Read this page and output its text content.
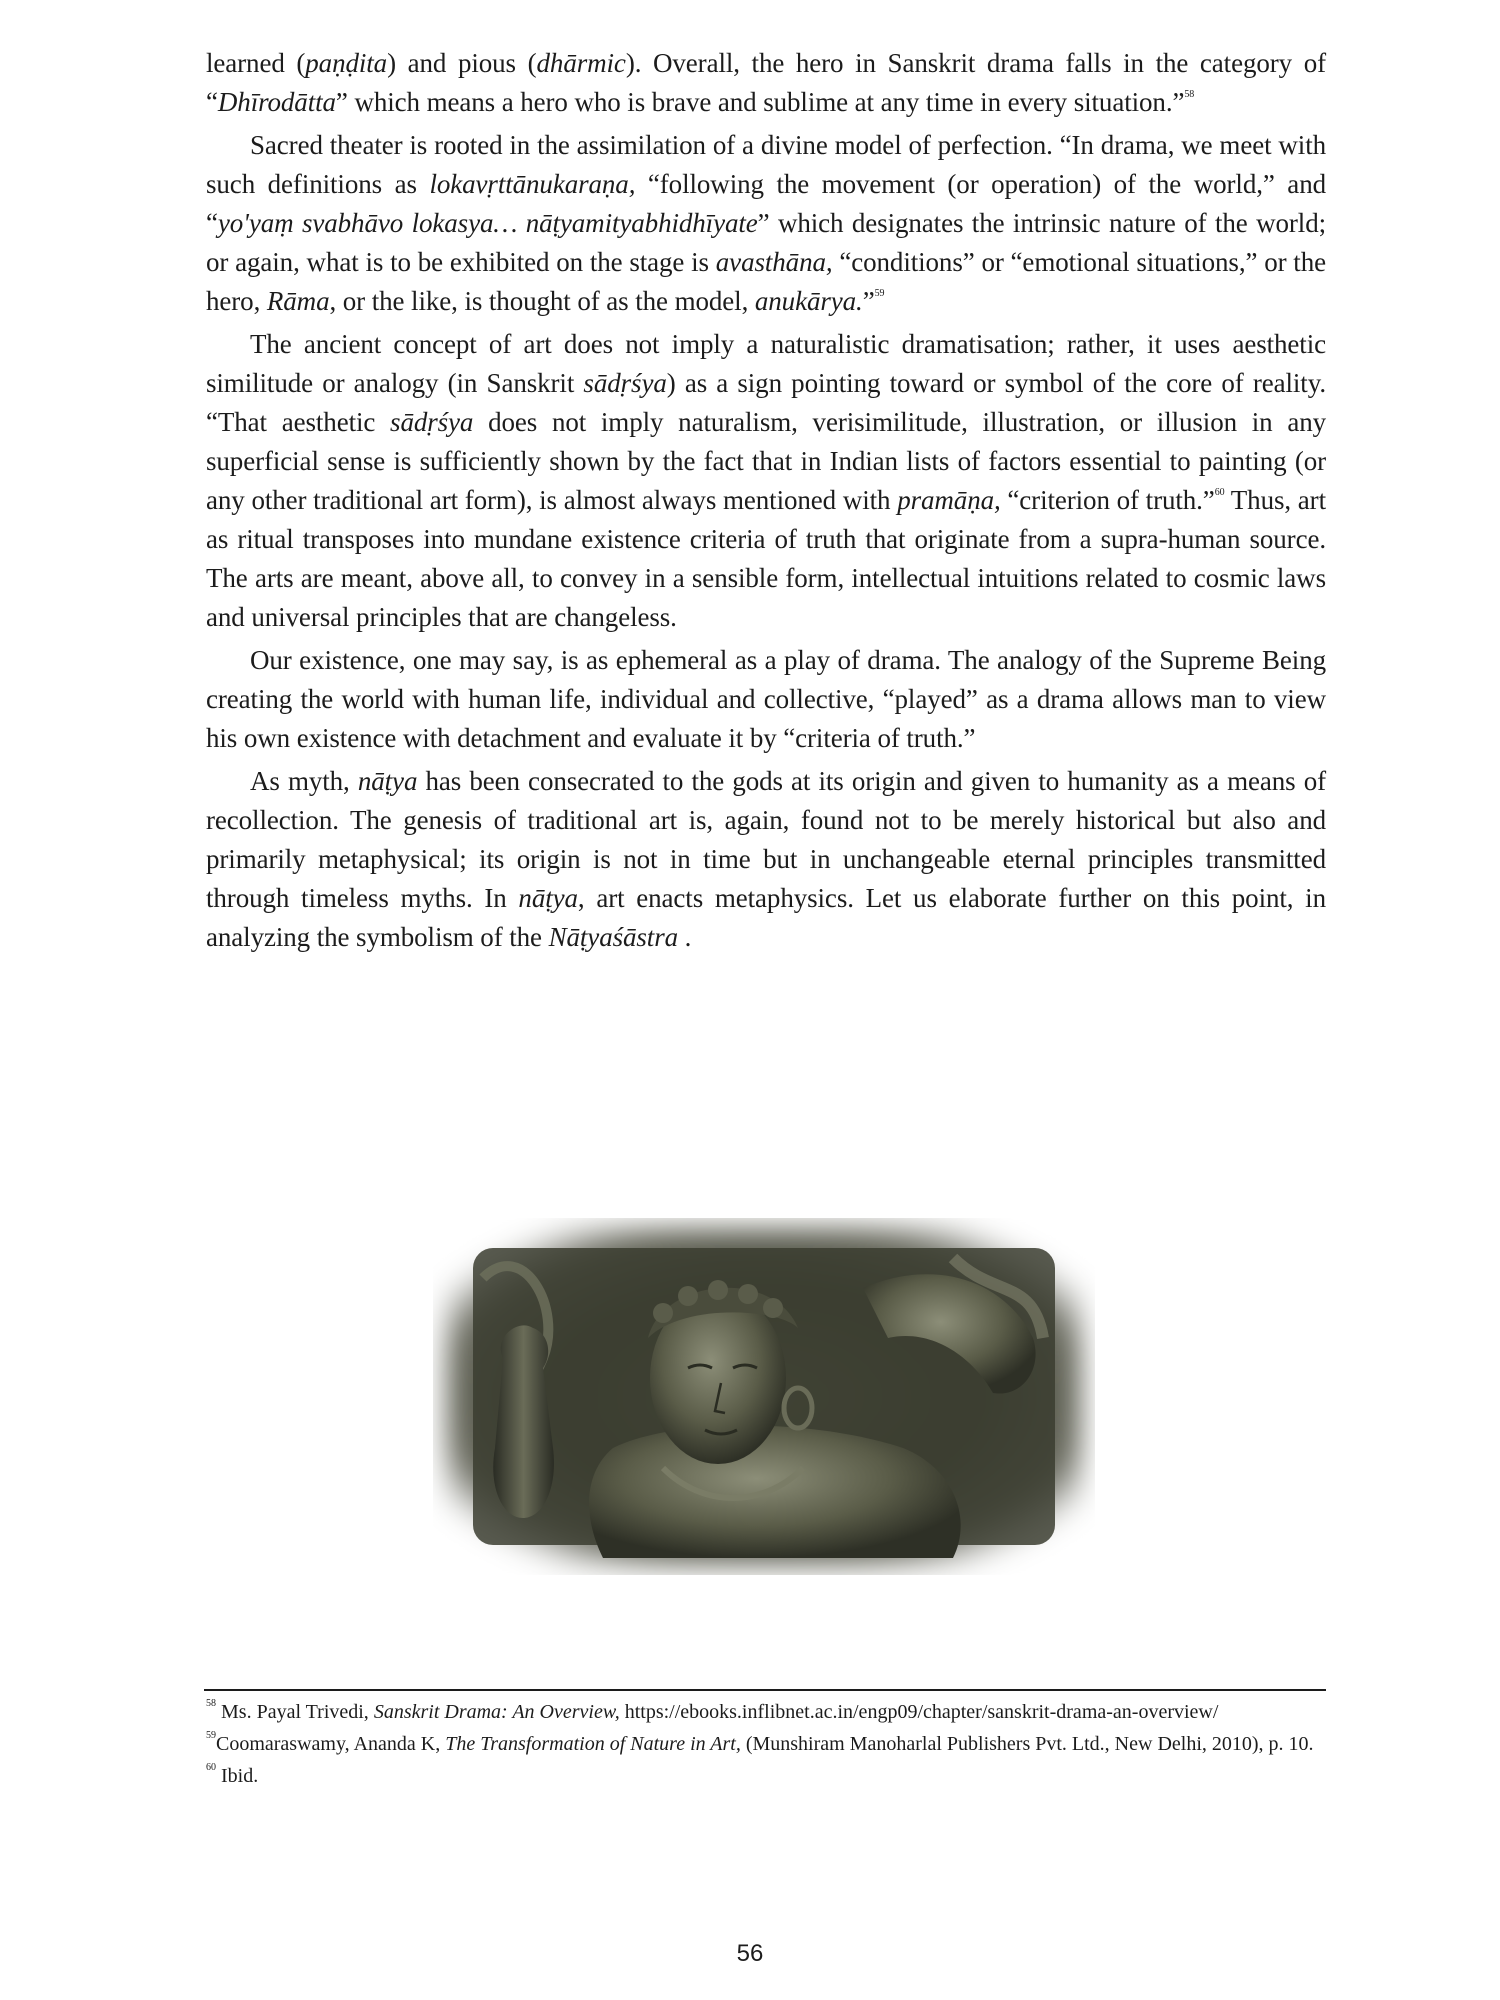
learned (paṇḍita) and pious (dhārmic). Overall, the hero in Sanskrit drama falls in the category of “Dhīrodātta” which means a hero who is brave and sublime at any time in every situation.”$^{58}$

Sacred theater is rooted in the assimilation of a divine model of perfection. “In drama, we meet with such definitions as lokavṛttānukaraṇa, “following the movement (or operation) of the world,” and “yo'yaṃ svabhāvo lokasya… nāṭyamityabhidhīyate” which designates the intrinsic nature of the world; or again, what is to be exhibited on the stage is avasthāna, “conditions” or “emotional situations,” or the hero, Rāma, or the like, is thought of as the model, anukārya.”$^{59}$

The ancient concept of art does not imply a naturalistic dramatisation; rather, it uses aesthetic similitude or analogy (in Sanskrit sādṛśya) as a sign pointing toward or symbol of the core of reality. “That aesthetic sādṛśya does not imply naturalism, verisimilitude, illustration, or illusion in any superficial sense is sufficiently shown by the fact that in Indian lists of factors essential to painting (or any other traditional art form), is almost always mentioned with pramāṇa, “criterion of truth.”$^{60}$ Thus, art as ritual transposes into mundane existence criteria of truth that originate from a supra-human source. The arts are meant, above all, to convey in a sensible form, intellectual intuitions related to cosmic laws and universal principles that are changeless.

Our existence, one may say, is as ephemeral as a play of drama. The analogy of the Supreme Being creating the world with human life, individual and collective, “played” as a drama allows man to view his own existence with detachment and evaluate it by “criteria of truth.”

As myth, nāṭya has been consecrated to the gods at its origin and given to humanity as a means of recollection. The genesis of traditional art is, again, found not to be merely historical but also and primarily metaphysical; its origin is not in time but in unchangeable eternal principles transmitted through timeless myths. In nāṭya, art enacts metaphysics. Let us elaborate further on this point, in analyzing the symbolism of the Nāṭyaśāstra .

$^{58}$ Ms. Payal Trivedi, Sanskrit Drama: An Overview, https://ebooks.inflibnet.ac.in/engp09/chapter/sanskrit-drama-an-overview/

$^{59}$Coomaraswamy, Ananda K, The Transformation of Nature in Art, (Munshiram Manoharlal Publishers Pvt. Ltd., New Delhi, 2010), p. 10.

$^{60}$ Ibid.

56
